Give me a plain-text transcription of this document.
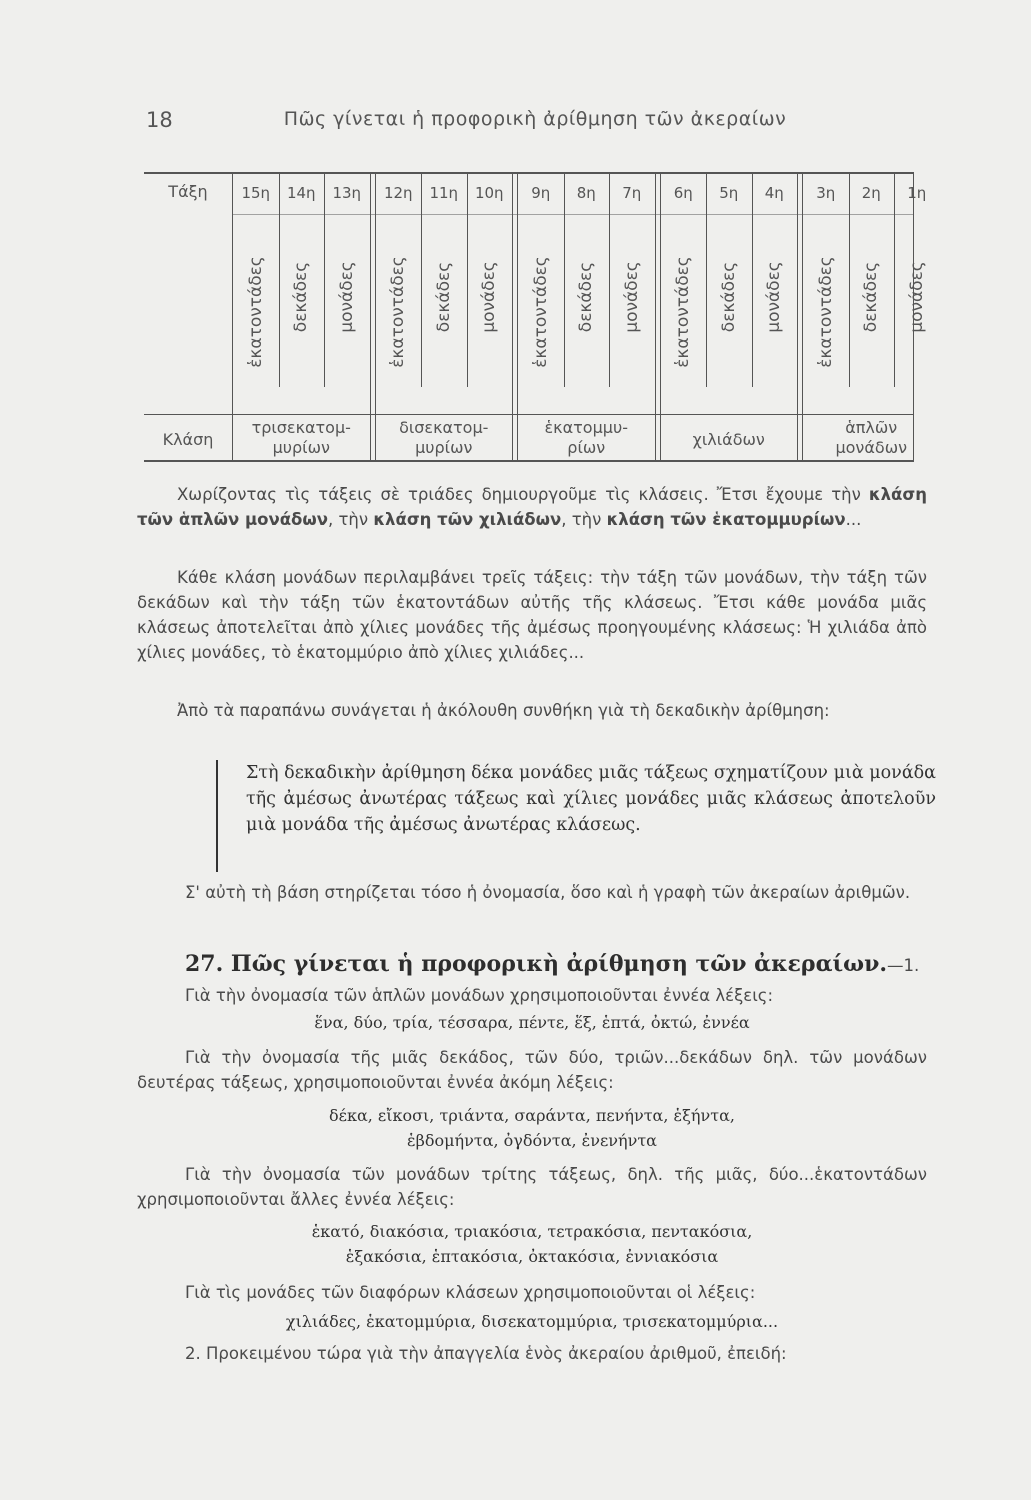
18	Πῶς γίνεται ἡ προφορικὴ ἀρίθμηση τῶν ἀκεραίων
Τάξη
Κλάση
15η
ἑκατοντάδες
14η
δεκάδες
13η
μονάδες
12η
ἑκατοντάδες
11η
δεκάδες
10η
μονάδες
9η
ἑκατοντάδες
8η
δεκάδες
7η
μονάδες
6η
ἑκατοντάδες
5η
δεκάδες
4η
μονάδες
3η
ἑκατοντάδες
2η
δεκάδες
1η
μονάδες
τρισεκατομ-
μυρίων
δισεκατομ-
μυρίων
ἑκατομμυ-
ρίων	χιλιάδων
ἁπλῶν
μονάδων
Χωρίζοντας τὶς τάξεις σὲ τριάδες δημιουργοῦμε τὶς κλάσεις. Ἔτσι ἔχουμε τὴν κλάση τῶν ἁπλῶν μονάδων, τὴν κλάση τῶν χιλιάδων, τὴν κλάση τῶν ἑκατομμυρίων...
Κάθε κλάση μονάδων περιλαμβάνει τρεῖς τάξεις: τὴν τάξη τῶν μονάδων, τὴν τάξη τῶν δεκάδων καὶ τὴν τάξη τῶν ἑκατοντάδων αὐτῆς τῆς κλάσεως. Ἔτσι κάθε μονάδα μιᾶς κλάσεως ἀποτελεῖται ἀπὸ χίλιες μονάδες τῆς ἀμέσως προηγουμένης κλάσεως: Ἡ χιλιάδα ἀπὸ χίλιες μονάδες, τὸ ἑκατομμύριο ἀπὸ χίλιες χιλιάδες...
Ἀπὸ τὰ παραπάνω συνάγεται ἡ ἀκόλουθη συνθήκη γιὰ τὴ δεκαδικὴν ἀρίθμηση:
Στὴ δεκαδικὴν ἀρίθμηση δέκα μονάδες μιᾶς τάξεως σχηματίζουν μιὰ μονάδα τῆς ἀμέσως ἀνωτέρας τάξεως καὶ χίλιες μονάδες μιᾶς κλάσεως ἀποτελοῦν μιὰ μονάδα τῆς ἀμέσως ἀνωτέρας κλάσεως.
Σ' αὐτὴ τὴ βάση στηρίζεται τόσο ἡ ὀνομασία, ὅσο καὶ ἡ γραφὴ τῶν ἀκεραίων ἀριθμῶν.
27. Πῶς γίνεται ἡ προφορικὴ ἀρίθμηση τῶν ἀκεραίων.—1. Γιὰ τὴν ὀνομασία τῶν ἁπλῶν μονάδων χρησιμοποιοῦνται ἐννέα λέξεις:
ἕνα, δύο, τρία, τέσσαρα, πέντε, ἕξ, ἑπτά, ὀκτώ, ἐννέα
Γιὰ τὴν ὀνομασία τῆς μιᾶς δεκάδος, τῶν δύο, τριῶν...δεκάδων δηλ. τῶν μονάδων δευτέρας τάξεως, χρησιμοποιοῦνται ἐννέα ἀκόμη λέξεις:
δέκα, εἴκοσι, τριάντα, σαράντα, πενήντα, ἑξήντα,
ἑβδομήντα, ὀγδόντα, ἐνενήντα
Γιὰ τὴν ὀνομασία τῶν μονάδων τρίτης τάξεως, δηλ. τῆς μιᾶς, δύο...ἑκατοντάδων χρησιμοποιοῦνται ἄλλες ἐννέα λέξεις:
ἑκατό, διακόσια, τριακόσια, τετρακόσια, πεντακόσια,
ἑξακόσια, ἑπτακόσια, ὀκτακόσια, ἐννιακόσια
Γιὰ τὶς μονάδες τῶν διαφόρων κλάσεων χρησιμοποιοῦνται οἱ λέξεις:
χιλιάδες, ἑκατομμύρια, δισεκατομμύρια, τρισεκατομμύρια...
2. Προκειμένου τώρα γιὰ τὴν ἀπαγγελία ἑνὸς ἀκεραίου ἀριθμοῦ, ἐπειδή:
